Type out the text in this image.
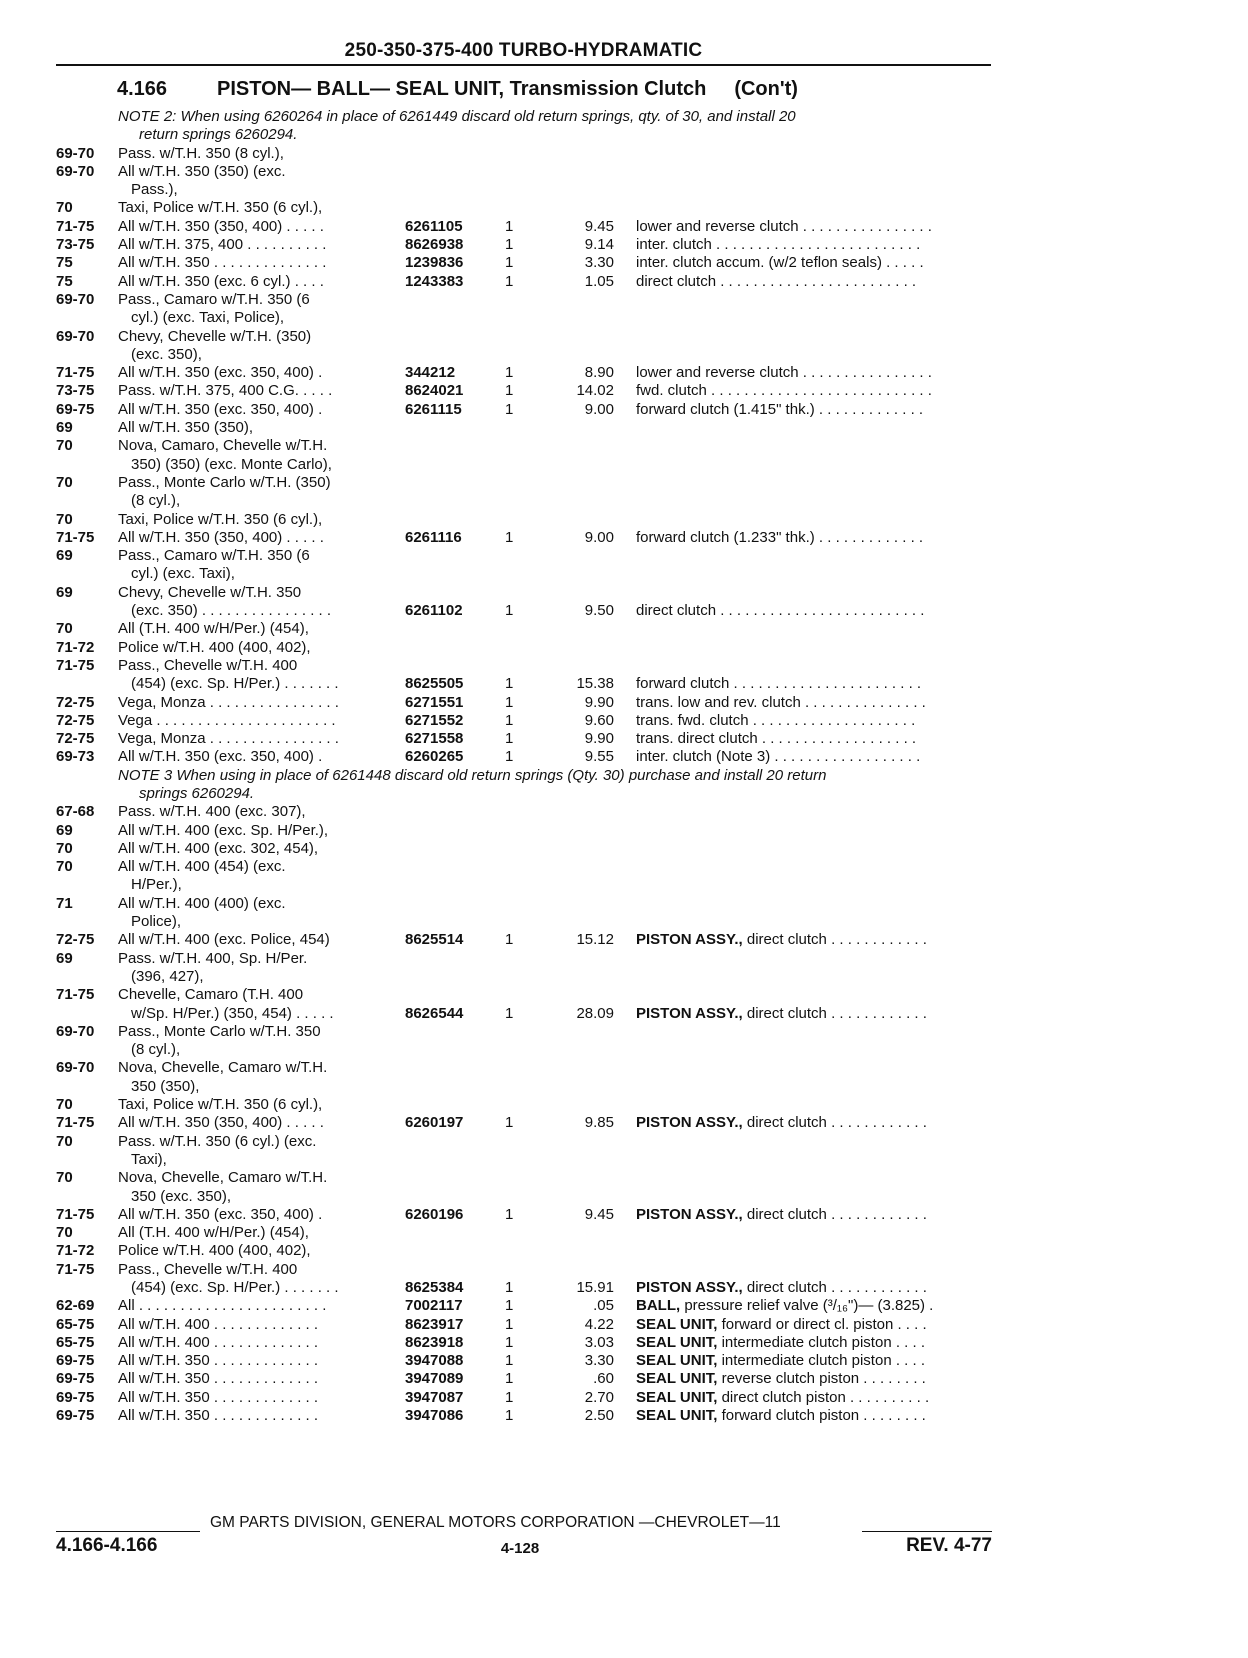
250-350-375-400 TURBO-HYDRAMATIC
4.166 PISTON— BALL— SEAL UNIT, Transmission Clutch (Con't)
NOTE 2: When using 6260264 in place of 6261449 discard old return springs, qty. of 30, and install 20
return springs 6260294.
69-70 Pass. w/T.H. 350 (8 cyl.),
69-70 All w/T.H. 350 (350) (exc.
Pass.),
70	Taxi, Police w/T.H. 350 (6 cyl.),
71-75 All w/T.H. 350 (350, 400) . . . . .	6261105	1	9.45 lower and reverse clutch . . . . . . . . . . . . . . . .
73-75 All w/T.H. 375, 400 . . . . . . . . . .	8626938	1	9.14 inter. clutch . . . . . . . . . . . . . . . . . . . . . . . . .
75	All w/T.H. 350 . . . . . . . . . . . . . .	1239836	1	3.30 inter. clutch accum. (w/2 teflon seals) . . . . .
75	All w/T.H. 350 (exc. 6 cyl.) . . . .	1243383	1	1.05 direct clutch . . . . . . . . . . . . . . . . . . . . . . . .
69-70 Pass., Camaro w/T.H. 350 (6
cyl.) (exc. Taxi, Police),
69-70 Chevy, Chevelle w/T.H. (350)
(exc. 350),
71-75 All w/T.H. 350 (exc. 350, 400) .	344212	1	8.90 lower and reverse clutch . . . . . . . . . . . . . . . .
73-75 Pass. w/T.H. 375, 400 C.G. . . . .	8624021	1	14.02 fwd. clutch . . . . . . . . . . . . . . . . . . . . . . . . . . .
69-75 All w/T.H. 350 (exc. 350, 400) .	6261115	1	9.00 forward clutch (1.415" thk.) . . . . . . . . . . . . .
69	All w/T.H. 350 (350),
70	Nova, Camaro, Chevelle w/T.H.
350) (350) (exc. Monte Carlo),
70	Pass., Monte Carlo w/T.H. (350)
(8 cyl.),
70	Taxi, Police w/T.H. 350 (6 cyl.),
71-75 All w/T.H. 350 (350, 400) . . . . .	6261116	1	9.00 forward clutch (1.233" thk.) . . . . . . . . . . . . .
69	Pass., Camaro w/T.H. 350 (6
cyl.) (exc. Taxi),
69	Chevy, Chevelle w/T.H. 350
(exc. 350) . . . . . . . . . . . . . . . .	6261102	1	9.50 direct clutch . . . . . . . . . . . . . . . . . . . . . . . . .
70	All (T.H. 400 w/H/Per.) (454),
71-72 Police w/T.H. 400 (400, 402),
71-75 Pass., Chevelle w/T.H. 400
(454) (exc. Sp. H/Per.) . . . . . . .	8625505	1	15.38 forward clutch . . . . . . . . . . . . . . . . . . . . . . .
72-75 Vega, Monza . . . . . . . . . . . . . . . .	6271551	1	9.90 trans. low and rev. clutch . . . . . . . . . . . . . . .
72-75 Vega . . . . . . . . . . . . . . . . . . . . . .	6271552	1	9.60 trans. fwd. clutch . . . . . . . . . . . . . . . . . . . .
72-75 Vega, Monza . . . . . . . . . . . . . . . .	6271558	1	9.90 trans. direct clutch . . . . . . . . . . . . . . . . . . .
69-73 All w/T.H. 350 (exc. 350, 400) .	6260265	1	9.55 inter. clutch (Note 3) . . . . . . . . . . . . . . . . . .
NOTE 3 When using in place of 6261448 discard old return springs (Qty. 30) purchase and install 20 return
springs 6260294.
67-68 Pass. w/T.H. 400 (exc. 307),
69	All w/T.H. 400 (exc. Sp. H/Per.),
70	All w/T.H. 400 (exc. 302, 454),
70	All w/T.H. 400 (454) (exc.
H/Per.),
71	All w/T.H. 400 (400) (exc.
Police),
72-75 All w/T.H. 400 (exc. Police, 454)	8625514	1	15.12 PISTON ASSY., direct clutch . . . . . . . . . . . .
69	Pass. w/T.H. 400, Sp. H/Per.
(396, 427),
71-75 Chevelle, Camaro (T.H. 400
w/Sp. H/Per.) (350, 454) . . . . .	8626544	1	28.09 PISTON ASSY., direct clutch . . . . . . . . . . . .
69-70 Pass., Monte Carlo w/T.H. 350
(8 cyl.),
69-70 Nova, Chevelle, Camaro w/T.H.
350 (350),
70	Taxi, Police w/T.H. 350 (6 cyl.),
71-75 All w/T.H. 350 (350, 400) . . . . .	6260197	1	9.85 PISTON ASSY., direct clutch . . . . . . . . . . . .
70	Pass. w/T.H. 350 (6 cyl.) (exc.
Taxi),
70	Nova, Chevelle, Camaro w/T.H.
350 (exc. 350),
71-75 All w/T.H. 350 (exc. 350, 400) .	6260196	1	9.45 PISTON ASSY., direct clutch . . . . . . . . . . . .
70	All (T.H. 400 w/H/Per.) (454),
71-72 Police w/T.H. 400 (400, 402),
71-75 Pass., Chevelle w/T.H. 400
(454) (exc. Sp. H/Per.) . . . . . . .	8625384	1	15.91 PISTON ASSY., direct clutch . . . . . . . . . . . .
62-69 All . . . . . . . . . . . . . . . . . . . . . . .	7002117	1	.05 BALL, pressure relief valve (³/₁₆")— (3.825) .
65-75 All w/T.H. 400 . . . . . . . . . . . . .	8623917	1	4.22 SEAL UNIT, forward or direct cl. piston . . . .
65-75 All w/T.H. 400 . . . . . . . . . . . . .	8623918	1	3.03 SEAL UNIT, intermediate clutch piston . . . .
69-75 All w/T.H. 350 . . . . . . . . . . . . .	3947088	1	3.30 SEAL UNIT, intermediate clutch piston . . . .
69-75 All w/T.H. 350 . . . . . . . . . . . . .	3947089	1	.60 SEAL UNIT, reverse clutch piston . . . . . . . .
69-75 All w/T.H. 350 . . . . . . . . . . . . .	3947087	1	2.70 SEAL UNIT, direct clutch piston . . . . . . . . . .
69-75 All w/T.H. 350 . . . . . . . . . . . . .	3947086	1	2.50 SEAL UNIT, forward clutch piston . . . . . . . .
GM PARTS DIVISION, GENERAL MOTORS CORPORATION —CHEVROLET—11
4.166-4.166	4-128	REV. 4-77
